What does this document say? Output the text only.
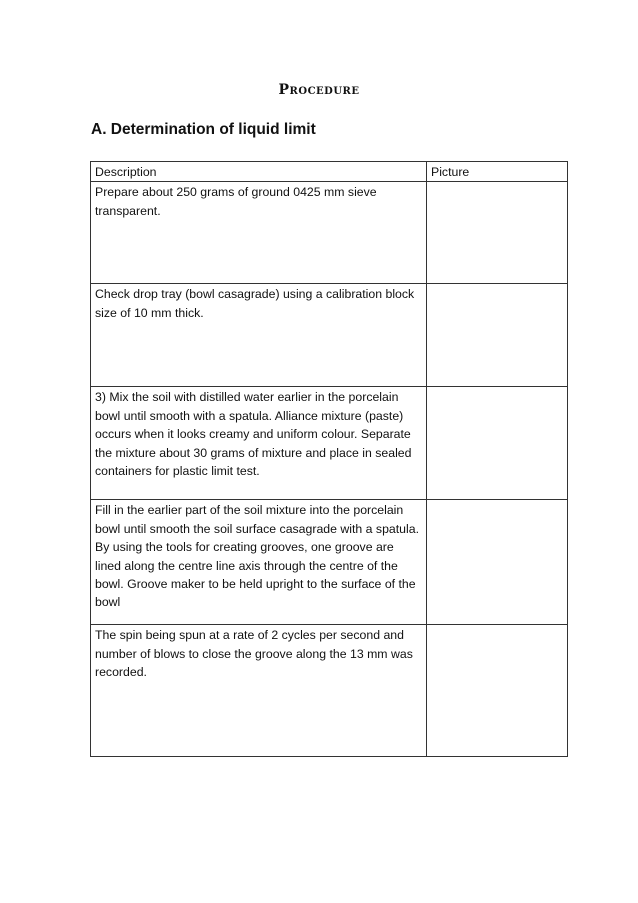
Procedure
A. Determination of liquid limit
Description	Picture
Prepare about 250 grams of ground 0425 mm sieve transparent.	
Check drop tray (bowl casagrade) using a calibration block size of 10 mm thick.	
3) Mix the soil with distilled water earlier in the porcelain bowl until smooth with a spatula. Alliance mixture (paste) occurs when it looks creamy and uniform colour. Separate the mixture about 30 grams of mixture and place in sealed containers for plastic limit test.	
Fill in the earlier part of the soil mixture into the porcelain bowl until smooth the soil surface casagrade with a spatula. By using the tools for creating grooves, one groove are lined along the centre line axis through the centre of the bowl. Groove maker to be held upright to the surface of the bowl	
The spin being spun at a rate of 2 cycles per second and number of blows to close the groove along the 13 mm was recorded.	
